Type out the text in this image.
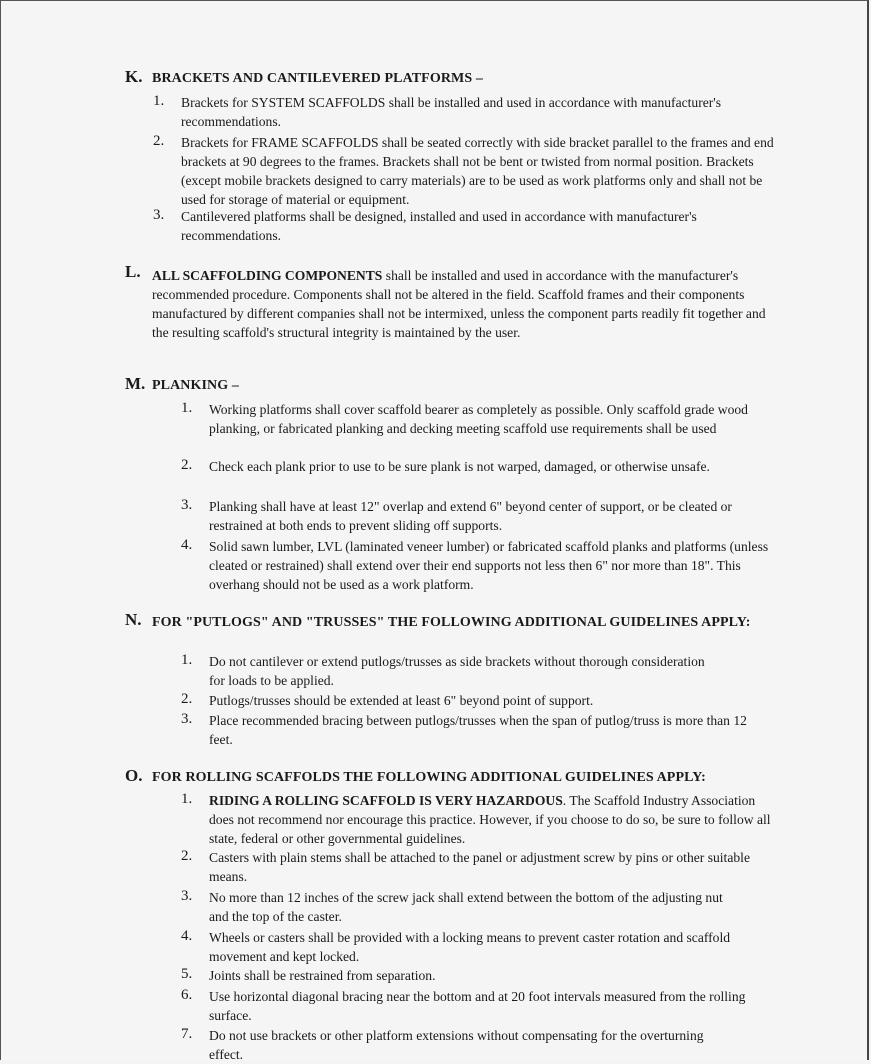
K. BRACKETS AND CANTILEVERED PLATFORMS –
1. Brackets for SYSTEM SCAFFOLDS shall be installed and used in accordance with manufacturer's recommendations.
2. Brackets for FRAME SCAFFOLDS shall be seated correctly with side bracket parallel to the frames and end brackets at 90 degrees to the frames. Brackets shall not be bent or twisted from normal position. Brackets (except mobile brackets designed to carry materials) are to be used as work platforms only and shall not be used for storage of material or equipment.
3. Cantilevered platforms shall be designed, installed and used in accordance with manufacturer's recommendations.
L. ALL SCAFFOLDING COMPONENTS shall be installed and used in accordance with the manufacturer's recommended procedure. Components shall not be altered in the field. Scaffold frames and their components manufactured by different companies shall not be intermixed, unless the component parts readily fit together and the resulting scaffold's structural integrity is maintained by the user.
M. PLANKING –
1. Working platforms shall cover scaffold bearer as completely as possible. Only scaffold grade wood planking, or fabricated planking and decking meeting scaffold use requirements shall be used
2. Check each plank prior to use to be sure plank is not warped, damaged, or otherwise unsafe.
3. Planking shall have at least 12" overlap and extend 6" beyond center of support, or be cleated or restrained at both ends to prevent sliding off supports.
4. Solid sawn lumber, LVL (laminated veneer lumber) or fabricated scaffold planks and platforms (unless cleated or restrained) shall extend over their end supports not less then 6" nor more than 18". This overhang should not be used as a work platform.
N. FOR "PUTLOGS" AND "TRUSSES" THE FOLLOWING ADDITIONAL GUIDELINES APPLY:
1. Do not cantilever or extend putlogs/trusses as side brackets without thorough consideration for loads to be applied.
2. Putlogs/trusses should be extended at least 6" beyond point of support.
3. Place recommended bracing between putlogs/trusses when the span of putlog/truss is more than 12 feet.
O. FOR ROLLING SCAFFOLDS THE FOLLOWING ADDITIONAL GUIDELINES APPLY:
1. RIDING A ROLLING SCAFFOLD IS VERY HAZARDOUS. The Scaffold Industry Association does not recommend nor encourage this practice. However, if you choose to do so, be sure to follow all state, federal or other governmental guidelines.
2. Casters with plain stems shall be attached to the panel or adjustment screw by pins or other suitable means.
3. No more than 12 inches of the screw jack shall extend between the bottom of the adjusting nut and the top of the caster.
4. Wheels or casters shall be provided with a locking means to prevent caster rotation and scaffold movement and kept locked.
5. Joints shall be restrained from separation.
6. Use horizontal diagonal bracing near the bottom and at 20 foot intervals measured from the rolling surface.
7. Do not use brackets or other platform extensions without compensating for the overturning effect.
